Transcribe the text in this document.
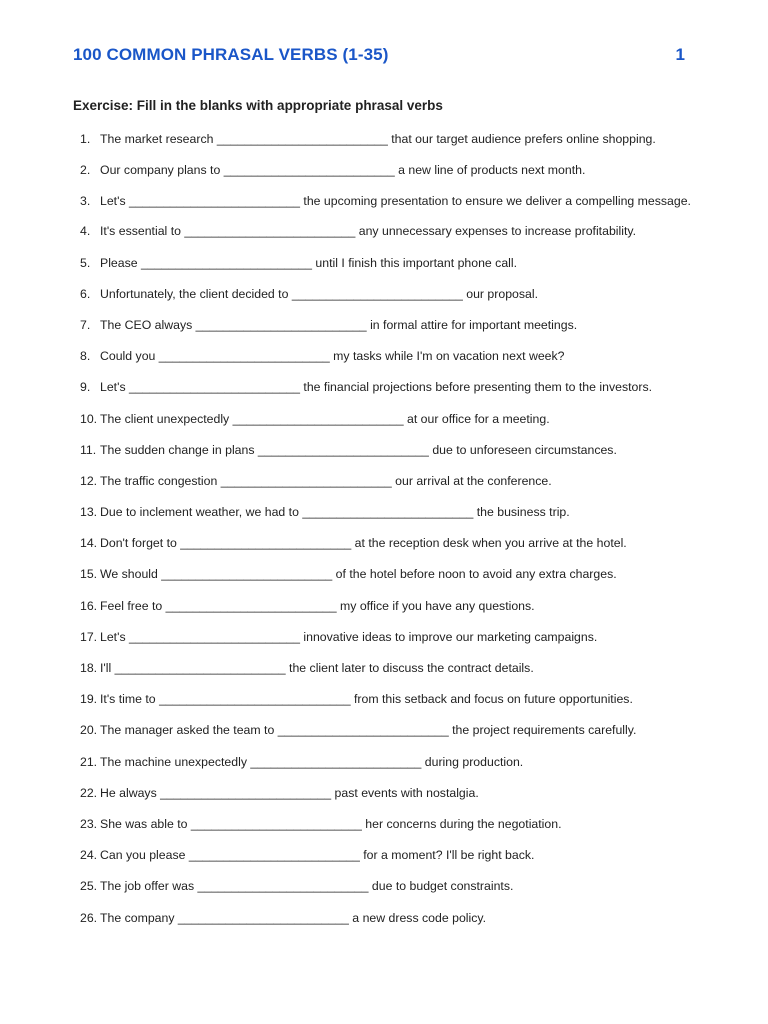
100 COMMON PHRASAL VERBS (1-35)	1
Exercise: Fill in the blanks with appropriate phrasal verbs
1. The market research _________________________ that our target audience prefers online shopping.
2. Our company plans to _________________________ a new line of products next month.
3. Let's _________________________ the upcoming presentation to ensure we deliver a compelling message.
4. It's essential to _________________________ any unnecessary expenses to increase profitability.
5. Please _________________________ until I finish this important phone call.
6. Unfortunately, the client decided to _________________________ our proposal.
7. The CEO always _________________________ in formal attire for important meetings.
8. Could you _________________________ my tasks while I'm on vacation next week?
9. Let's _________________________ the financial projections before presenting them to the investors.
10. The client unexpectedly _________________________ at our office for a meeting.
11. The sudden change in plans _________________________ due to unforeseen circumstances.
12. The traffic congestion _________________________ our arrival at the conference.
13. Due to inclement weather, we had to _________________________ the business trip.
14. Don't forget to _________________________ at the reception desk when you arrive at the hotel.
15. We should _________________________ of the hotel before noon to avoid any extra charges.
16. Feel free to _________________________ my office if you have any questions.
17. Let's _________________________ innovative ideas to improve our marketing campaigns.
18. I'll _________________________ the client later to discuss the contract details.
19. It's time to ____________________________ from this setback and focus on future opportunities.
20. The manager asked the team to _________________________ the project requirements carefully.
21. The machine unexpectedly _________________________ during production.
22. He always _________________________ past events with nostalgia.
23. She was able to _________________________ her concerns during the negotiation.
24. Can you please _________________________ for a moment? I'll be right back.
25. The job offer was _________________________ due to budget constraints.
26. The company _________________________ a new dress code policy.
